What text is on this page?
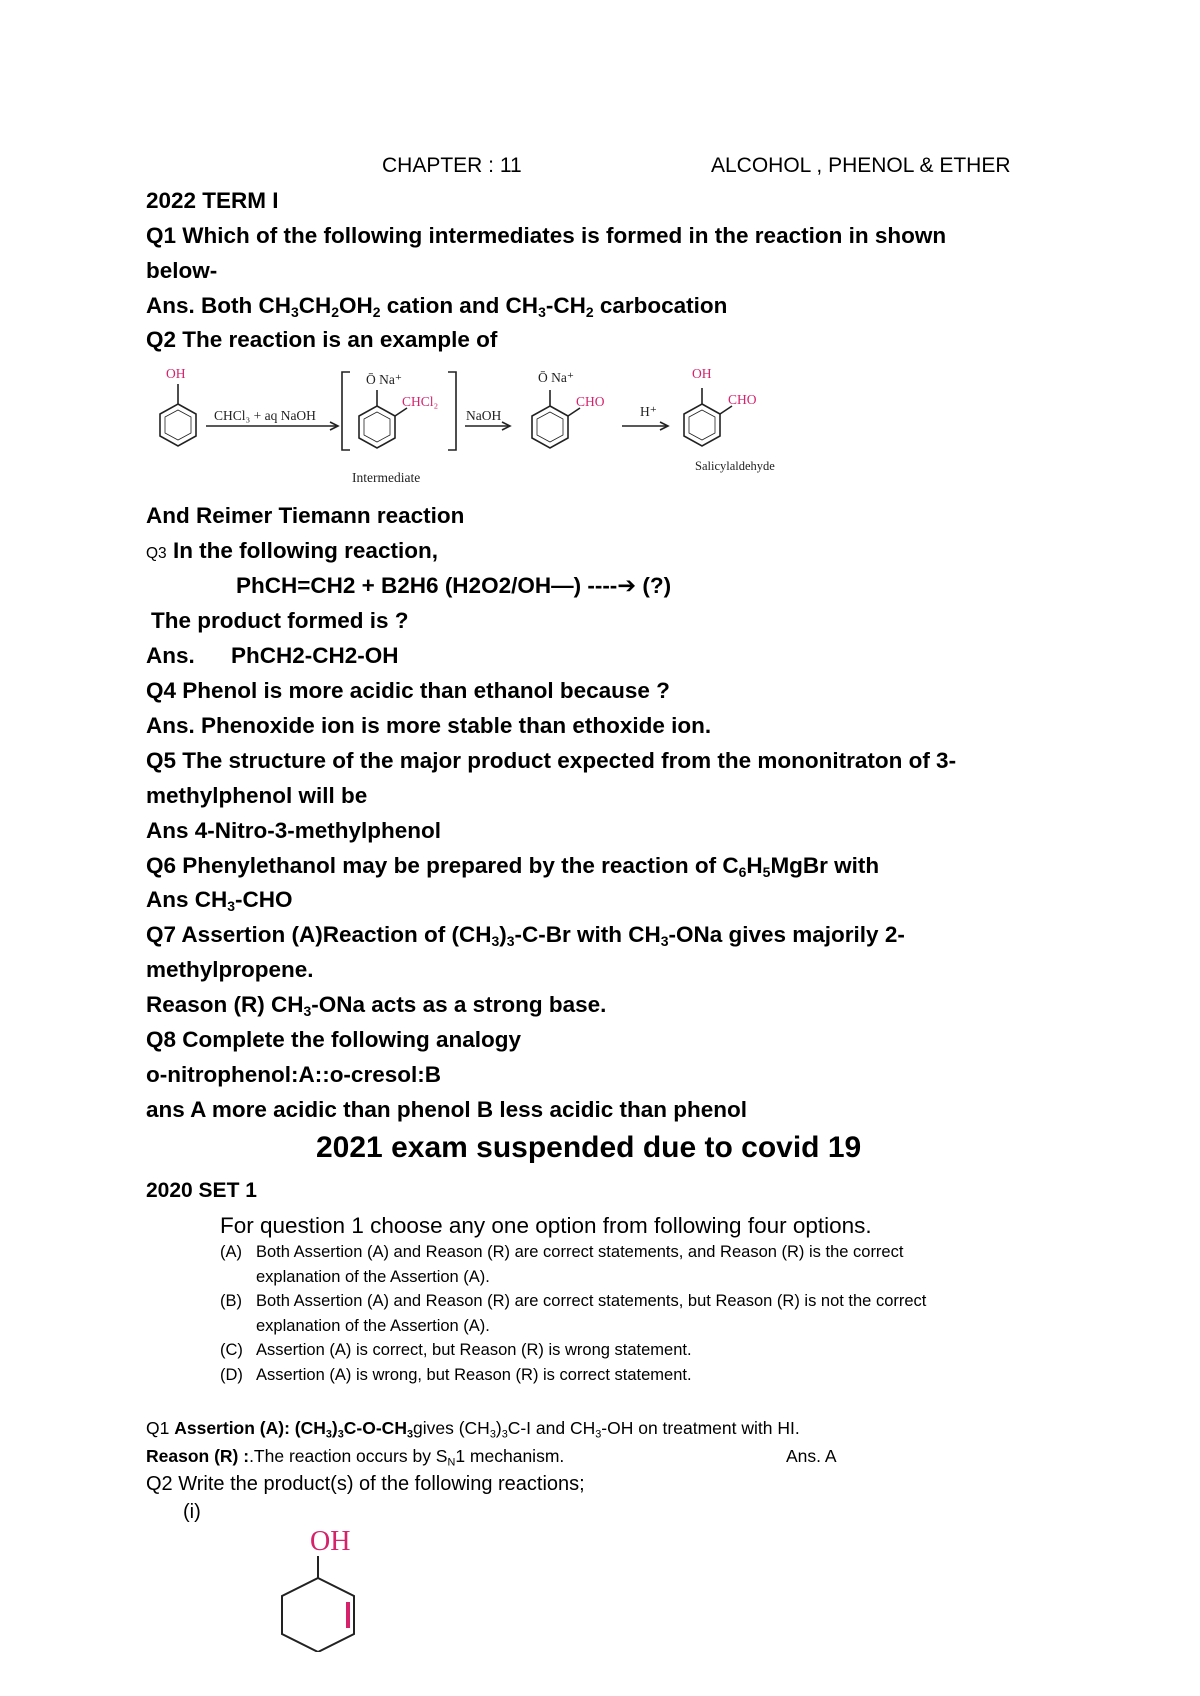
CHAPTER : 11	ALCOHOL , PHENOL & ETHER
2022 TERM I
Q1 Which of the following intermediates is formed in the reaction in shown
below-
Ans. Both $CH_3CH_2OH_2$ cation and $CH_3-CH_2$ carbocation
Q2 The reaction is an example of
OH
CHCl₃ + aq NaOH
Ō Na⁺
CHCl₂
NaOH
Ō Na⁺
CHO
H⁺
OH
CHO
Intermediate
Salicylaldehyde
And Reimer Tiemann reaction
Q3 In the following reaction,
PhCH=CH2 + B2H6 (H2O2/OH—) ----➔ (?)
The product formed is ?
Ans. PhCH2-CH2-OH
Q4 Phenol is more acidic than ethanol because ?
Ans. Phenoxide ion is more stable than ethoxide ion.
Q5 The structure of the major product expected from the mononitraton of 3-
methylphenol will be
Ans 4-Nitro-3-methylphenol
Q6 Phenylethanol may be prepared by the reaction of $C_6H_5MgBr$ with
Ans $CH_3$-CHO
Q7 Assertion (A)Reaction of $(CH_3)_3-C-Br$ with $CH_3$-ONa gives majorily 2-
methylpropene.
Reason (R) $CH_3$-ONa acts as a strong base.
Q8 Complete the following analogy
o-nitrophenol:A::o-cresol:B
ans A more acidic than phenol B less acidic than phenol
2021 exam suspended due to covid 19
2020 SET 1
For question 1 choose any one option from following four options.
(A) Both Assertion (A) and Reason (R) are correct statements, and Reason (R) is the correct explanation of the Assertion (A).
(B) Both Assertion (A) and Reason (R) are correct statements, but Reason (R) is not the correct explanation of the Assertion (A).
(C) Assertion (A) is correct, but Reason (R) is wrong statement.
(D) Assertion (A) is wrong, but Reason (R) is correct statement.
Q1 Assertion (A): $(CH_3)_3C-O-CH_3gives$ $(CH_3)_3C-I$ and $CH_3-OH$ on treatment with HI.
Reason (R) :.The reaction occurs by $S_N1$ mechanism.	Ans. A
Q2 Write the product(s) of the following reactions;
(i)
OH
